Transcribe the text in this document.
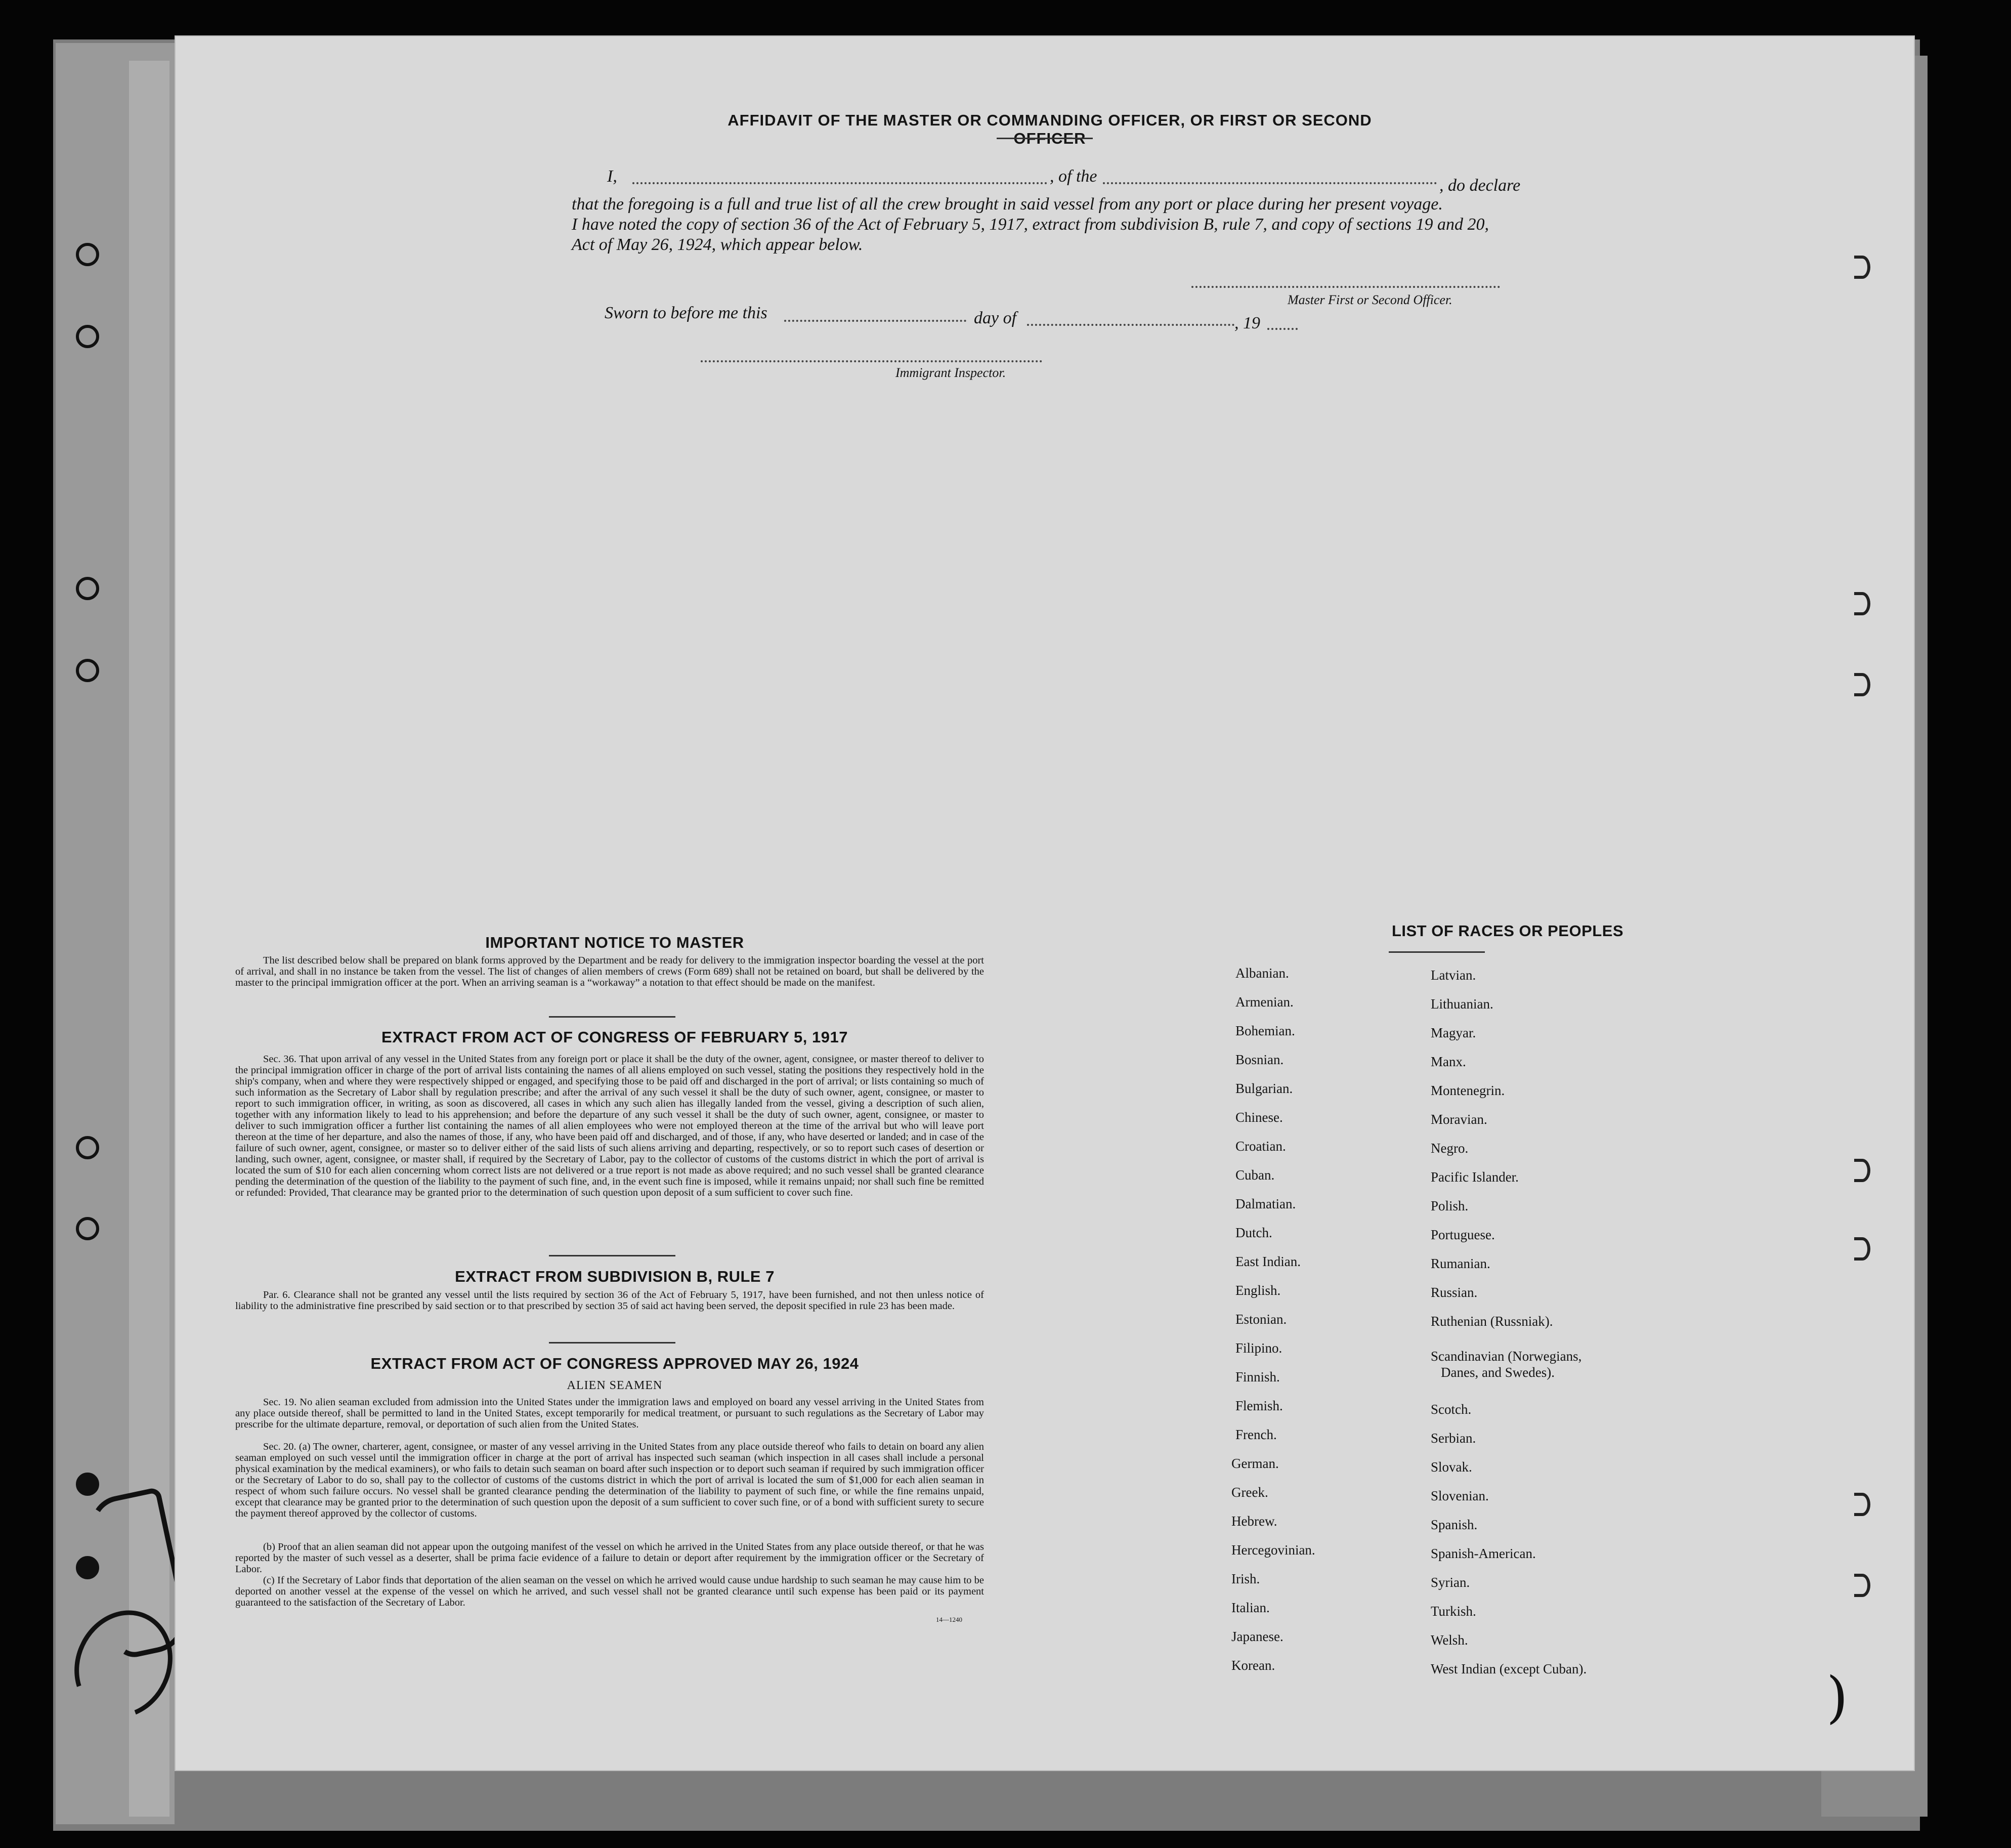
)
AFFIDAVIT OF THE MASTER OR COMMANDING OFFICER, OR FIRST OR SECOND OFFICER
I,	, of the	, do declare
that the foregoing is a full and true list of all the crew brought in said vessel from any port or place during her present voyage.
I have noted the copy of section 36 of the Act of February 5, 1917, extract from subdivision B, rule 7, and copy of sections 19 and 20,
Act of May 26, 1924, which appear below.
Master First or Second Officer.
Sworn to before me this	day of	, 19
Immigrant Inspector.
IMPORTANT NOTICE TO MASTER
The list described below shall be prepared on blank forms approved by the Department and be ready for delivery to the immigration inspector boarding the vessel at the port of arrival, and shall in no instance be taken from the vessel. The list of changes of alien members of crews (Form 689) shall not be retained on board, but shall be delivered by the master to the principal immigration officer at the port. When an arriving seaman is a “workaway” a notation to that effect should be made on the manifest.
EXTRACT FROM ACT OF CONGRESS OF FEBRUARY 5, 1917
Sec. 36. That upon arrival of any vessel in the United States from any foreign port or place it shall be the duty of the owner, agent, consignee, or master thereof to deliver to the principal immigration officer in charge of the port of arrival lists containing the names of all aliens employed on such vessel, stating the positions they respectively hold in the ship's company, when and where they were respectively shipped or engaged, and specifying those to be paid off and discharged in the port of arrival; or lists containing so much of such information as the Secretary of Labor shall by regulation prescribe; and after the arrival of any such vessel it shall be the duty of such owner, agent, consignee, or master to report to such immigration officer, in writing, as soon as discovered, all cases in which any such alien has illegally landed from the vessel, giving a description of such alien, together with any information likely to lead to his apprehension; and before the departure of any such vessel it shall be the duty of such owner, agent, consignee, or master to deliver to such immigration officer a further list containing the names of all alien employees who were not employed thereon at the time of the arrival but who will leave port thereon at the time of her departure, and also the names of those, if any, who have been paid off and discharged, and of those, if any, who have deserted or landed; and in case of the failure of such owner, agent, consignee, or master so to deliver either of the said lists of such aliens arriving and departing, respectively, or so to report such cases of desertion or landing, such owner, agent, consignee, or master shall, if required by the Secretary of Labor, pay to the collector of customs of the customs district in which the port of arrival is located the sum of $10 for each alien concerning whom correct lists are not delivered or a true report is not made as above required; and no such vessel shall be granted clearance pending the determination of the question of the liability to the payment of such fine, and, in the event such fine is imposed, while it remains unpaid; nor shall such fine be remitted or refunded: Provided, That clearance may be granted prior to the determination of such question upon deposit of a sum sufficient to cover such fine.
EXTRACT FROM SUBDIVISION B, RULE 7
Par. 6. Clearance shall not be granted any vessel until the lists required by section 36 of the Act of February 5, 1917, have been furnished, and not then unless notice of liability to the administrative fine prescribed by said section or to that prescribed by section 35 of said act having been served, the deposit specified in rule 23 has been made.
EXTRACT FROM ACT OF CONGRESS APPROVED MAY 26, 1924
ALIEN SEAMEN
Sec. 19. No alien seaman excluded from admission into the United States under the immigration laws and employed on board any vessel arriving in the United States from any place outside thereof, shall be permitted to land in the United States, except temporarily for medical treatment, or pursuant to such regulations as the Secretary of Labor may prescribe for the ultimate departure, removal, or deportation of such alien from the United States.
Sec. 20. (a) The owner, charterer, agent, consignee, or master of any vessel arriving in the United States from any place outside thereof who fails to detain on board any alien seaman employed on such vessel until the immigration officer in charge at the port of arrival has inspected such seaman (which inspection in all cases shall include a personal physical examination by the medical examiners), or who fails to detain such seaman on board after such inspection or to deport such seaman if required by such immigration officer or the Secretary of Labor to do so, shall pay to the collector of customs of the customs district in which the port of arrival is located the sum of $1,000 for each alien seaman in respect of whom such failure occurs. No vessel shall be granted clearance pending the determination of the liability to payment of such fine, or while the fine remains unpaid, except that clearance may be granted prior to the determination of such question upon the deposit of a sum sufficient to cover such fine, or of a bond with sufficient surety to secure the payment thereof approved by the collector of customs.
(b) Proof that an alien seaman did not appear upon the outgoing manifest of the vessel on which he arrived in the United States from any place outside thereof, or that he was reported by the master of such vessel as a deserter, shall be prima facie evidence of a failure to detain or deport after requirement by the immigration officer or the Secretary of Labor.
(c) If the Secretary of Labor finds that deportation of the alien seaman on the vessel on which he arrived would cause undue hardship to such seaman he may cause him to be deported on another vessel at the expense of the vessel on which he arrived, and such vessel shall not be granted clearance until such expense has been paid or its payment guaranteed to the satisfaction of the Secretary of Labor.
14—1240
LIST OF RACES OR PEOPLES
Albanian.
Armenian.
Bohemian.
Bosnian.
Bulgarian.
Chinese.
Croatian.
Cuban.
Dalmatian.
Dutch.
East Indian.
English.
Estonian.
Filipino.
Finnish.
Flemish.
French.
German.
Greek.
Hebrew.
Hercegovinian.
Irish.
Italian.
Japanese.
Korean.
Latvian.
Lithuanian.
Magyar.
Manx.
Montenegrin.
Moravian.
Negro.
Pacific Islander.
Polish.
Portuguese.
Rumanian.
Russian.
Ruthenian (Russniak).
Scandinavian (Norwegians,
Danes, and Swedes).
Scotch.
Serbian.
Slovak.
Slovenian.
Spanish.
Spanish-American.
Syrian.
Turkish.
Welsh.
West Indian (except Cuban).
